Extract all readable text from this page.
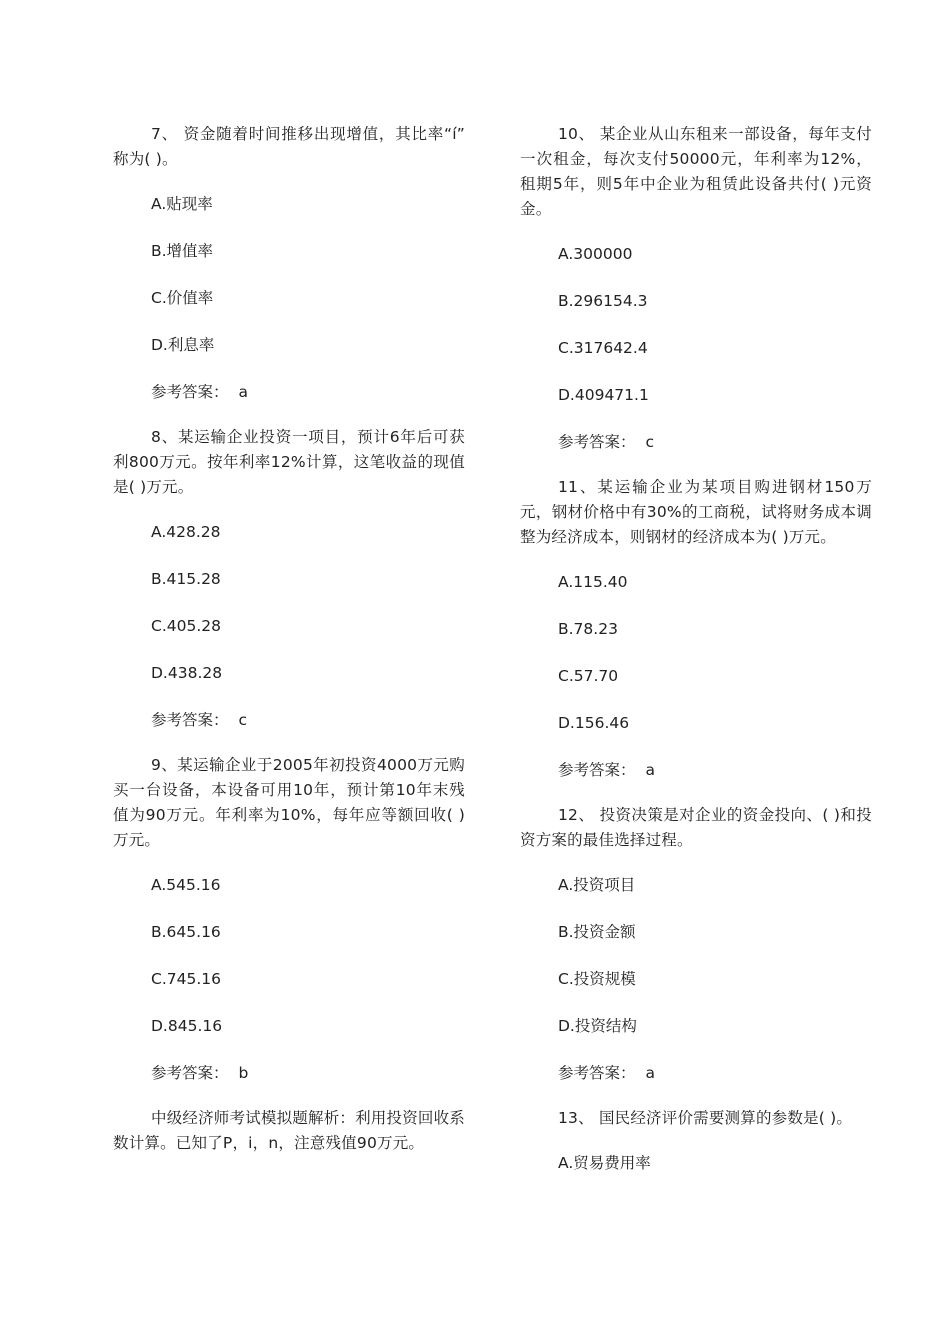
7、 资金随着时间推移出现增值，其比率“í” 称为( )。

A.贴现率

B.增值率

C.价值率

D.利息率

参考答案： a

8、某运输企业投资一项目，预计6年后可获利800万元。按年利率12%计算，这笔收益的现值是( )万元。

A.428.28

B.415.28

C.405.28

D.438.28

参考答案： c

9、某运输企业于2005年初投资4000万元购买一台设备，本设备可用10年，预计第10年末残值为90万元。年利率为10%，每年应等额回收( )万元。

A.545.16

B.645.16

C.745.16

D.845.16

参考答案： b

中级经济师考试模拟题解析：利用投资回收系数计算。已知了P，i，n，注意残值90万元。

10、 某企业从山东租来一部设备，每年支付一次租金，每次支付50000元，年利率为12%，租期5年，则5年中企业为租赁此设备共付( )元资金。

A.300000

B.296154.3

C.317642.4

D.409471.1

参考答案： c

11、某运输企业为某项目购进钢材150万元，钢材价格中有30%的工商税，试将财务成本调整为经济成本，则钢材的经济成本为( )万元。

A.115.40

B.78.23

C.57.70

D.156.46

参考答案： a

12、 投资决策是对企业的资金投向、( )和投资方案的最佳选择过程。

A.投资项目

B.投资金额

C.投资规模

D.投资结构

参考答案： a

13、 国民经济评价需要测算的参数是( )。

A.贸易费用率
